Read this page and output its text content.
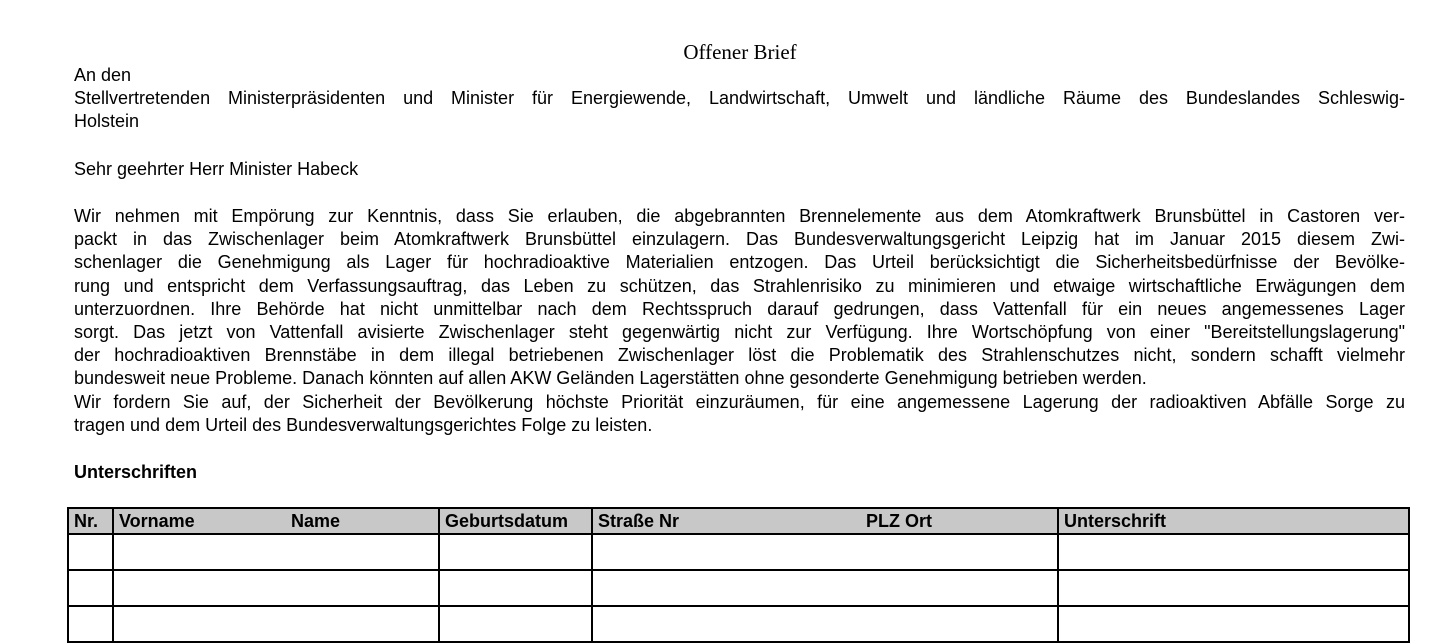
Offener Brief
An den
Stellvertretenden Ministerpräsidenten und Minister für Energiewende, Landwirtschaft, Umwelt und ländliche Räume des Bundeslandes Schleswig-
Holstein
Sehr geehrter Herr Minister Habeck
Wir nehmen mit Empörung zur Kenntnis, dass Sie erlauben, die abgebrannten Brennelemente aus dem Atomkraftwerk Brunsbüttel in Castoren ver-
packt in das Zwischenlager beim Atomkraftwerk Brunsbüttel einzulagern. Das Bundesverwaltungsgericht Leipzig hat im Januar 2015 diesem Zwi-
schenlager die Genehmigung als Lager für hochradioaktive Materialien entzogen. Das Urteil berücksichtigt die Sicherheitsbedürfnisse der Bevölke-
rung und entspricht dem Verfassungsauftrag, das Leben zu schützen, das Strahlenrisiko zu minimieren und etwaige wirtschaftliche Erwägungen dem
unterzuordnen. Ihre Behörde hat nicht unmittelbar nach dem Rechtsspruch darauf gedrungen, dass Vattenfall für ein neues angemessenes Lager
sorgt. Das jetzt von Vattenfall avisierte Zwischenlager steht gegenwärtig nicht zur Verfügung. Ihre Wortschöpfung von einer "Bereitstellungslagerung"
der hochradioaktiven Brennstäbe in dem illegal betriebenen Zwischenlager löst die Problematik des Strahlenschutzes nicht, sondern schafft vielmehr
bundesweit neue Probleme. Danach könnten auf allen AKW Geländen Lagerstätten ohne gesonderte Genehmigung betrieben werden.
Wir fordern Sie auf, der Sicherheit der Bevölkerung höchste Priorität einzuräumen, für eine angemessene Lagerung der radioaktiven Abfälle Sorge zu
tragen und dem Urteil des Bundesverwaltungsgerichtes Folge zu leisten.
Unterschriften
Nr.	Vorname Name	Geburtsdatum	Straße Nr PLZ Ort	Unterschrift
